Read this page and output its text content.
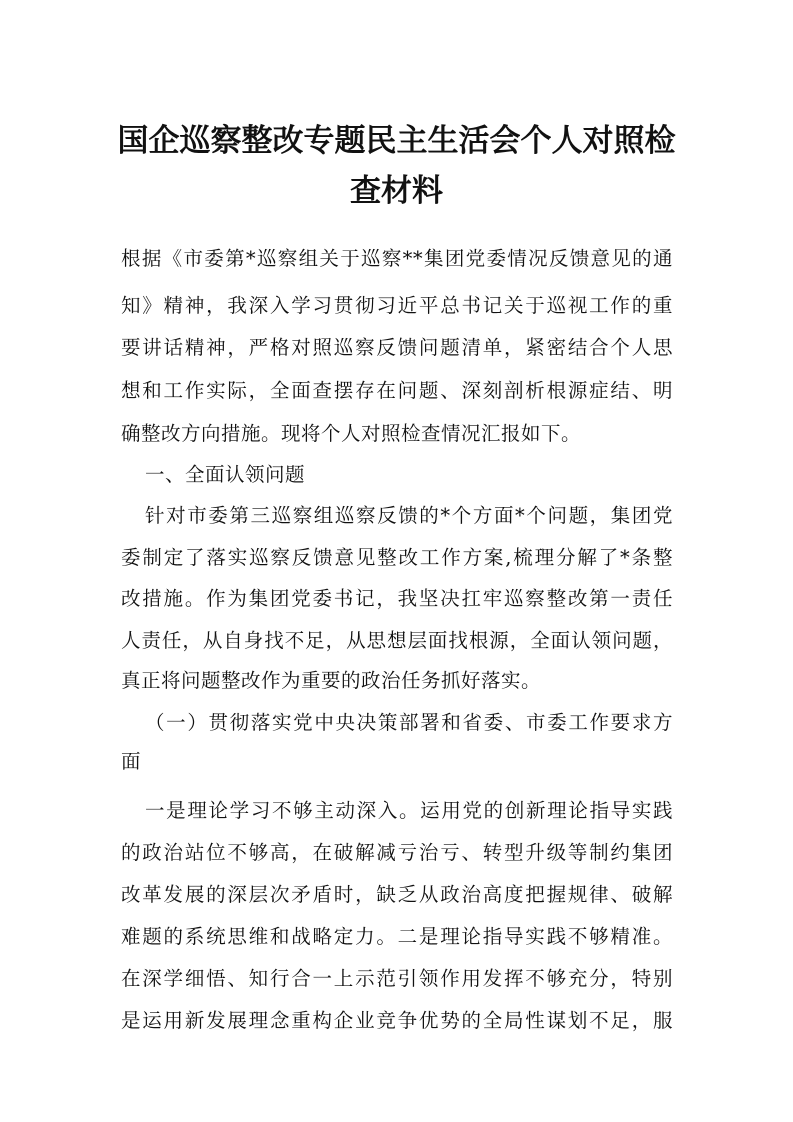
国企巡察整改专题民主生活会个人对照检
查材料
根据《市委第*巡察组关于巡察**集团党委情况反馈意见的通
知》精神，我深入学习贯彻习近平总书记关于巡视工作的重
要讲话精神，严格对照巡察反馈问题清单，紧密结合个人思
想和工作实际，全面查摆存在问题、深刻剖析根源症结、明
确整改方向措施。现将个人对照检查情况汇报如下。
一、全面认领问题
针对市委第三巡察组巡察反馈的*个方面*个问题，集团党
委制定了落实巡察反馈意见整改工作方案,梳理分解了*条整
改措施。作为集团党委书记，我坚决扛牢巡察整改第一责任
人责任，从自身找不足，从思想层面找根源，全面认领问题，
真正将问题整改作为重要的政治任务抓好落实。
（一）贯彻落实党中央决策部署和省委、市委工作要求方
面
一是理论学习不够主动深入。运用党的创新理论指导实践
的政治站位不够高，在破解减亏治亏、转型升级等制约集团
改革发展的深层次矛盾时，缺乏从政治高度把握规律、破解
难题的系统思维和战略定力。二是理论指导实践不够精准。
在深学细悟、知行合一上示范引领作用发挥不够充分，特别
是运用新发展理念重构企业竞争优势的全局性谋划不足，服
